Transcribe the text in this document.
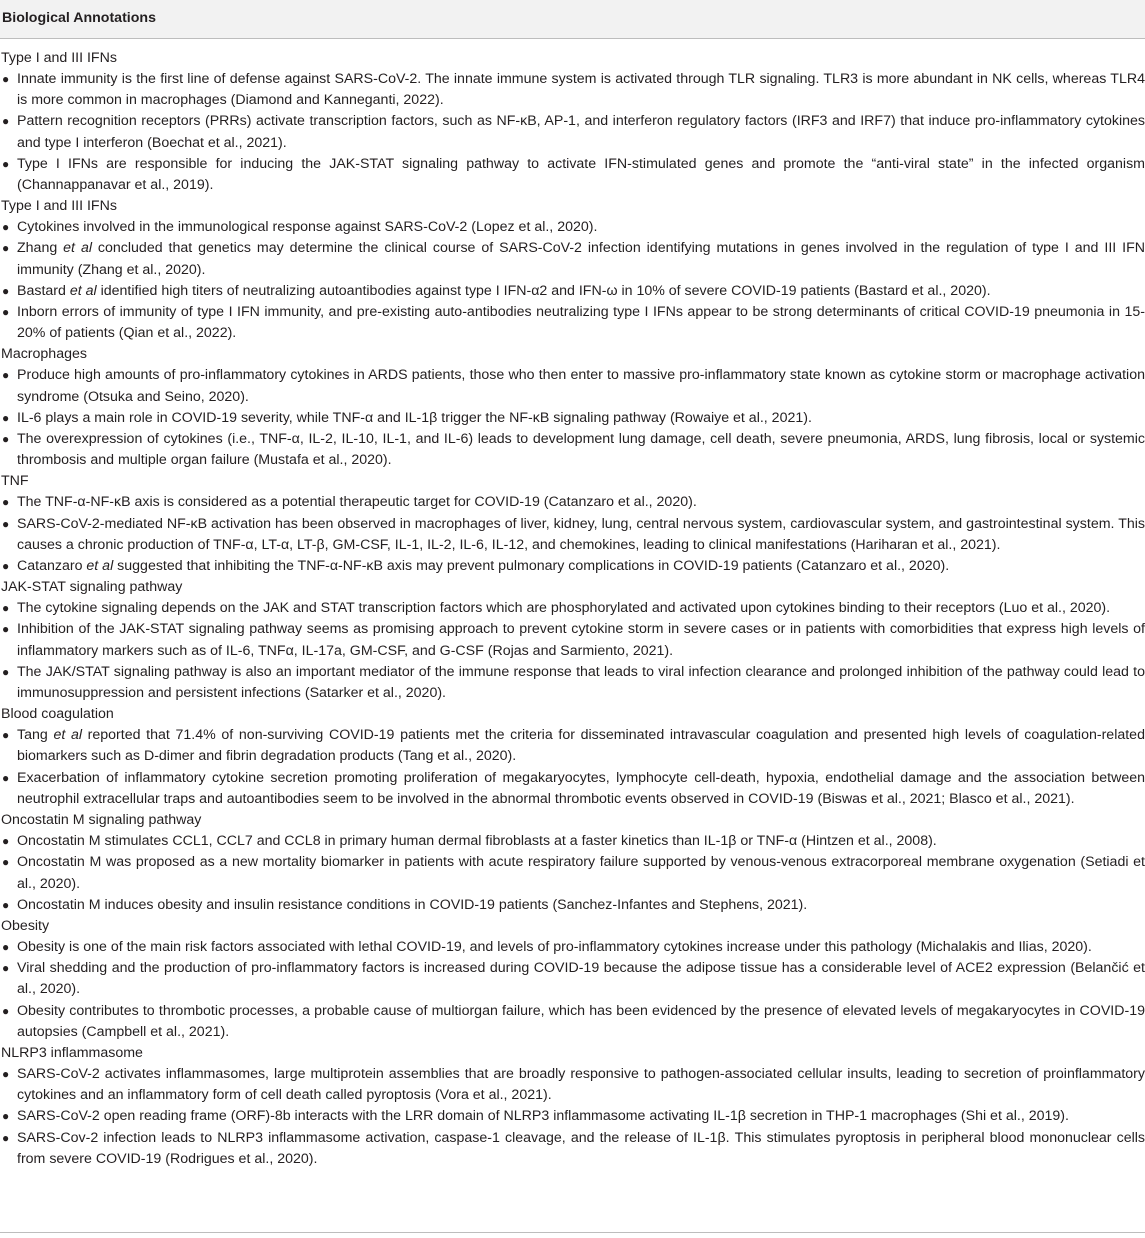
Biological Annotations
Type I and III IFNs
● Innate immunity is the first line of defense against SARS-CoV-2. The innate immune system is activated through TLR signaling. TLR3 is more abundant in NK cells, whereas TLR4 is more common in macrophages (Diamond and Kanneganti, 2022).
● Pattern recognition receptors (PRRs) activate transcription factors, such as NF-κB, AP-1, and interferon regulatory factors (IRF3 and IRF7) that induce pro-inflammatory cytokines and type I interferon (Boechat et al., 2021).
● Type I IFNs are responsible for inducing the JAK-STAT signaling pathway to activate IFN-stimulated genes and promote the “anti-viral state” in the infected organism (Channappanavar et al., 2019).
Type I and III IFNs
● Cytokines involved in the immunological response against SARS-CoV-2 (Lopez et al., 2020).
● Zhang et al concluded that genetics may determine the clinical course of SARS-CoV-2 infection identifying mutations in genes involved in the regulation of type I and III IFN immunity (Zhang et al., 2020).
● Bastard et al identified high titers of neutralizing autoantibodies against type I IFN-α2 and IFN-ω in 10% of severe COVID-19 patients (Bastard et al., 2020).
● Inborn errors of immunity of type I IFN immunity, and pre-existing auto-antibodies neutralizing type I IFNs appear to be strong determinants of critical COVID-19 pneumonia in 15-20% of patients (Qian et al., 2022).
Macrophages
● Produce high amounts of pro-inflammatory cytokines in ARDS patients, those who then enter to massive pro-inflammatory state known as cytokine storm or macrophage activation syndrome (Otsuka and Seino, 2020).
● IL-6 plays a main role in COVID-19 severity, while TNF-α and IL-1β trigger the NF-κB signaling pathway (Rowaiye et al., 2021).
● The overexpression of cytokines (i.e., TNF-α, IL-2, IL-10, IL-1, and IL-6) leads to development lung damage, cell death, severe pneumonia, ARDS, lung fibrosis, local or systemic thrombosis and multiple organ failure (Mustafa et al., 2020).
TNF
● The TNF-α-NF-κB axis is considered as a potential therapeutic target for COVID-19 (Catanzaro et al., 2020).
● SARS-CoV-2-mediated NF-κB activation has been observed in macrophages of liver, kidney, lung, central nervous system, cardiovascular system, and gastrointestinal system. This causes a chronic production of TNF-α, LT-α, LT-β, GM-CSF, IL-1, IL-2, IL-6, IL-12, and chemokines, leading to clinical manifestations (Hariharan et al., 2021).
● Catanzaro et al suggested that inhibiting the TNF-α-NF-κB axis may prevent pulmonary complications in COVID-19 patients (Catanzaro et al., 2020).
JAK-STAT signaling pathway
● The cytokine signaling depends on the JAK and STAT transcription factors which are phosphorylated and activated upon cytokines binding to their receptors (Luo et al., 2020).
● Inhibition of the JAK-STAT signaling pathway seems as promising approach to prevent cytokine storm in severe cases or in patients with comorbidities that express high levels of inflammatory markers such as of IL-6, TNFα, IL-17a, GM-CSF, and G-CSF (Rojas and Sarmiento, 2021).
● The JAK/STAT signaling pathway is also an important mediator of the immune response that leads to viral infection clearance and prolonged inhibition of the pathway could lead to immunosuppression and persistent infections (Satarker et al., 2020).
Blood coagulation
● Tang et al reported that 71.4% of non-surviving COVID-19 patients met the criteria for disseminated intravascular coagulation and presented high levels of coagulation-related biomarkers such as D-dimer and fibrin degradation products (Tang et al., 2020).
● Exacerbation of inflammatory cytokine secretion promoting proliferation of megakaryocytes, lymphocyte cell-death, hypoxia, endothelial damage and the association between neutrophil extracellular traps and autoantibodies seem to be involved in the abnormal thrombotic events observed in COVID-19 (Biswas et al., 2021; Blasco et al., 2021).
Oncostatin M signaling pathway
● Oncostatin M stimulates CCL1, CCL7 and CCL8 in primary human dermal fibroblasts at a faster kinetics than IL-1β or TNF-α (Hintzen et al., 2008).
● Oncostatin M was proposed as a new mortality biomarker in patients with acute respiratory failure supported by venous-venous extracorporeal membrane oxygenation (Setiadi et al., 2020).
● Oncostatin M induces obesity and insulin resistance conditions in COVID-19 patients (Sanchez-Infantes and Stephens, 2021).
Obesity
● Obesity is one of the main risk factors associated with lethal COVID-19, and levels of pro-inflammatory cytokines increase under this pathology (Michalakis and Ilias, 2020).
● Viral shedding and the production of pro-inflammatory factors is increased during COVID-19 because the adipose tissue has a considerable level of ACE2 expression (Belančić et al., 2020).
● Obesity contributes to thrombotic processes, a probable cause of multiorgan failure, which has been evidenced by the presence of elevated levels of megakaryocytes in COVID-19 autopsies (Campbell et al., 2021).
NLRP3 inflammasome
● SARS-CoV-2 activates inflammasomes, large multiprotein assemblies that are broadly responsive to pathogen-associated cellular insults, leading to secretion of proinflammatory cytokines and an inflammatory form of cell death called pyroptosis (Vora et al., 2021).
● SARS-CoV-2 open reading frame (ORF)-8b interacts with the LRR domain of NLRP3 inflammasome activating IL-1β secretion in THP-1 macrophages (Shi et al., 2019).
● SARS-Cov-2 infection leads to NLRP3 inflammasome activation, caspase-1 cleavage, and the release of IL-1β. This stimulates pyroptosis in peripheral blood mononuclear cells from severe COVID-19 (Rodrigues et al., 2020).
